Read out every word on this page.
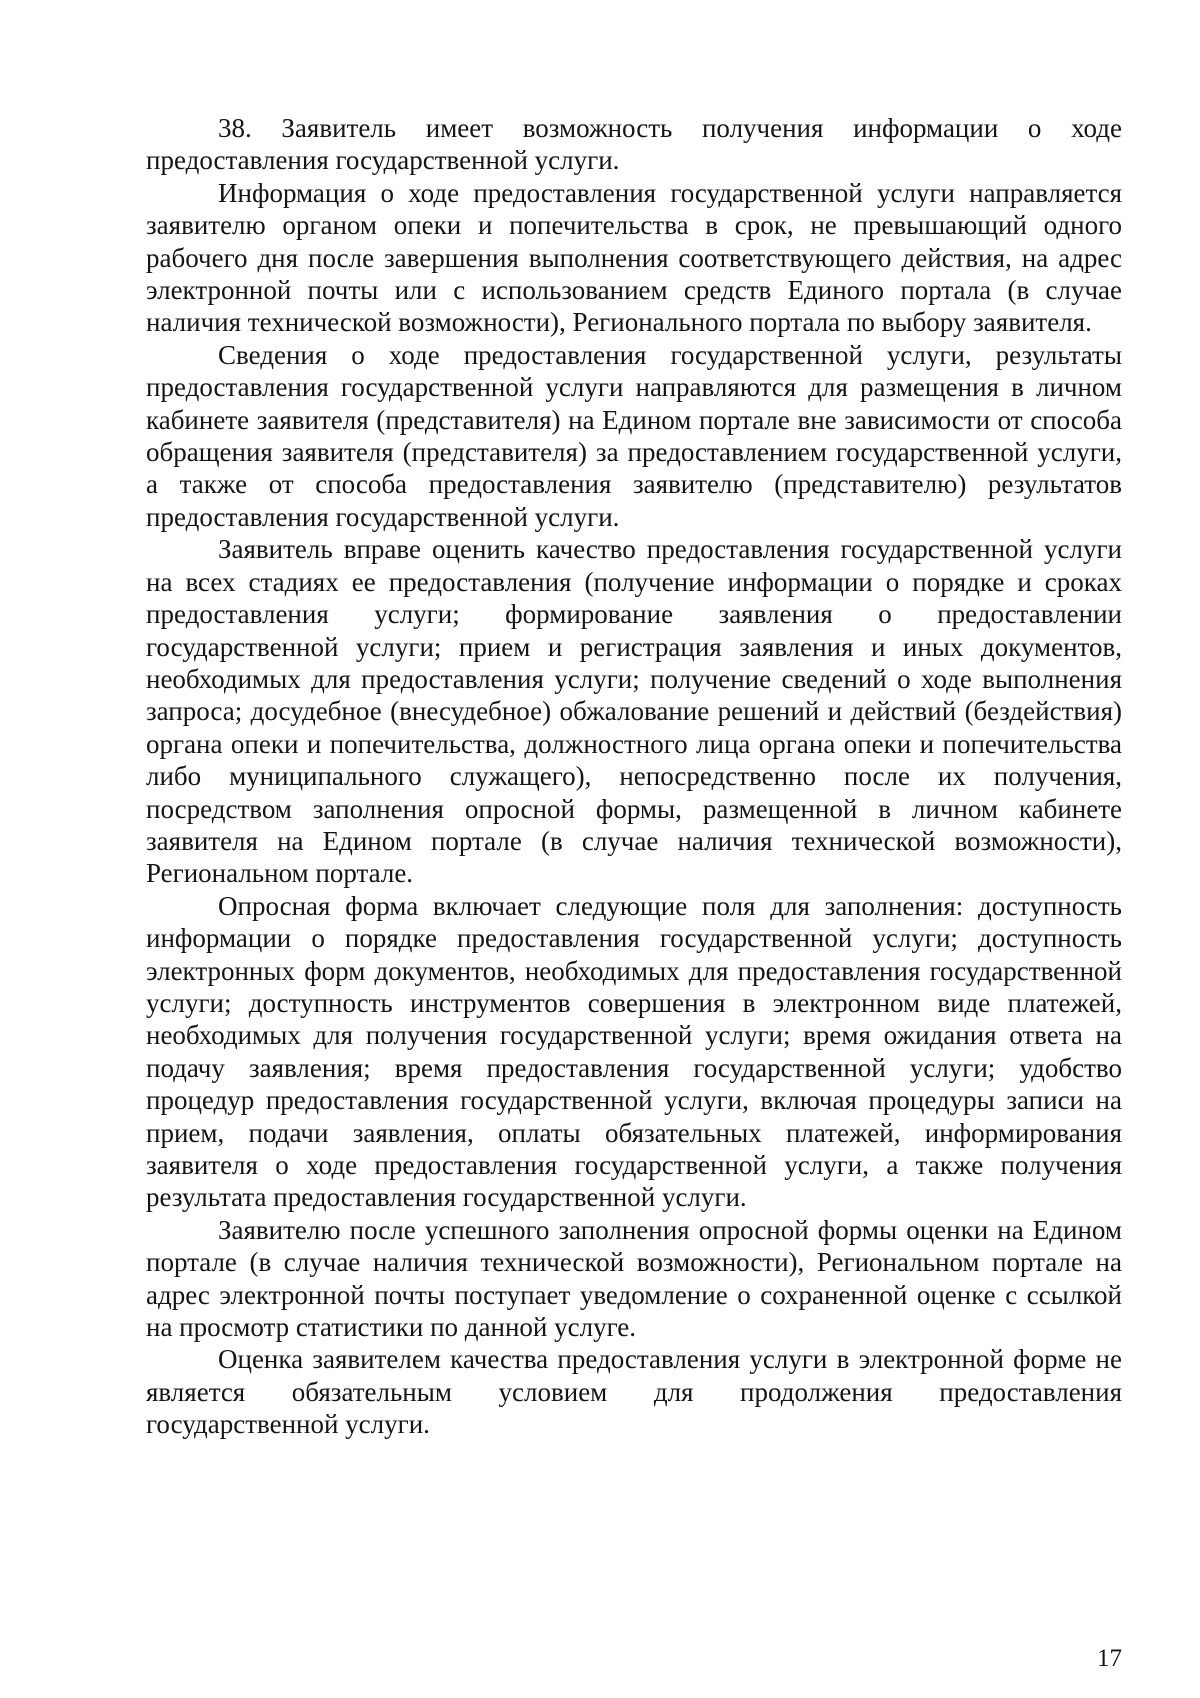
38. Заявитель имеет возможность получения информации о ходе предоставления государственной услуги.

Информация о ходе предоставления государственной услуги направляется заявителю органом опеки и попечительства в срок, не превышающий одного рабочего дня после завершения выполнения соответствующего действия, на адрес электронной почты или с использованием средств Единого портала (в случае наличия технической возможности), Регионального портала по выбору заявителя.

Сведения о ходе предоставления государственной услуги, результаты предоставления государственной услуги направляются для размещения в личном кабинете заявителя (представителя) на Едином портале вне зависимости от способа обращения заявителя (представителя) за предоставлением государственной услуги, а также от способа предоставления заявителю (представителю) результатов предоставления государственной услуги.

Заявитель вправе оценить качество предоставления государственной услуги на всех стадиях ее предоставления (получение информации о порядке и сроках предоставления услуги; формирование заявления о предоставлении государственной услуги; прием и регистрация заявления и иных документов, необходимых для предоставления услуги; получение сведений о ходе выполнения запроса; досудебное (внесудебное) обжалование решений и действий (бездействия) органа опеки и попечительства, должностного лица органа опеки и попечительства либо муниципального служащего), непосредственно после их получения, посредством заполнения опросной формы, размещенной в личном кабинете заявителя на Едином портале (в случае наличия технической возможности), Региональном портале.

Опросная форма включает следующие поля для заполнения: доступность информации о порядке предоставления государственной услуги; доступность электронных форм документов, необходимых для предоставления государственной услуги; доступность инструментов совершения в электронном виде платежей, необходимых для получения государственной услуги; время ожидания ответа на подачу заявления; время предоставления государственной услуги; удобство процедур предоставления государственной услуги, включая процедуры записи на прием, подачи заявления, оплаты обязательных платежей, информирования заявителя о ходе предоставления государственной услуги, а также получения результата предоставления государственной услуги.

Заявителю после успешного заполнения опросной формы оценки на Едином портале (в случае наличия технической возможности), Региональном портале на адрес электронной почты поступает уведомление о сохраненной оценке с ссылкой на просмотр статистики по данной услуге.

Оценка заявителем качества предоставления услуги в электронной форме не является обязательным условием для продолжения предоставления государственной услуги.

17
